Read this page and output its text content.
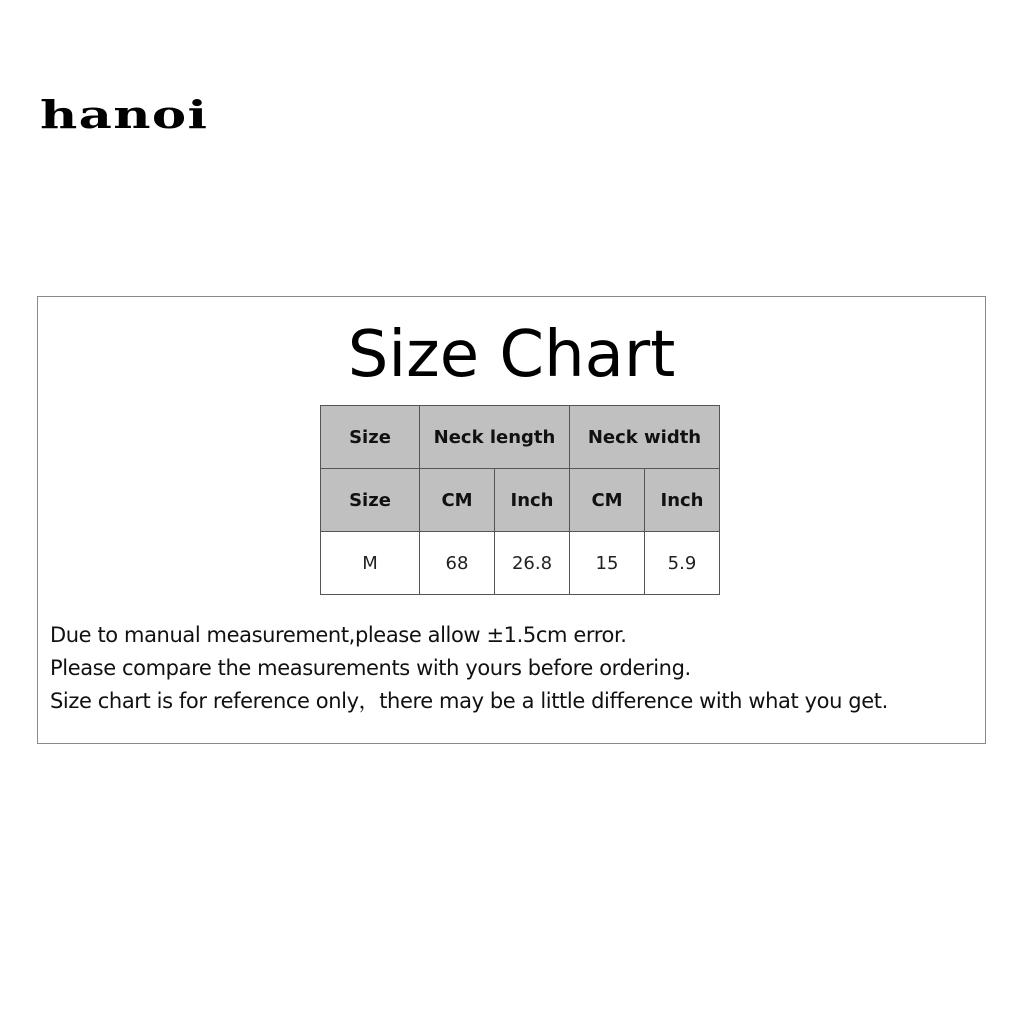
hanoi
Size Chart
Size	Neck length		Neck width	
Size	CM	Inch	CM	Inch
M	68	26.8	15	5.9
Due to manual measurement,please allow ±1.5cm error.
Please compare the measurements with yours before ordering.
Size chart is for reference only，there may be a little difference with what you get.
